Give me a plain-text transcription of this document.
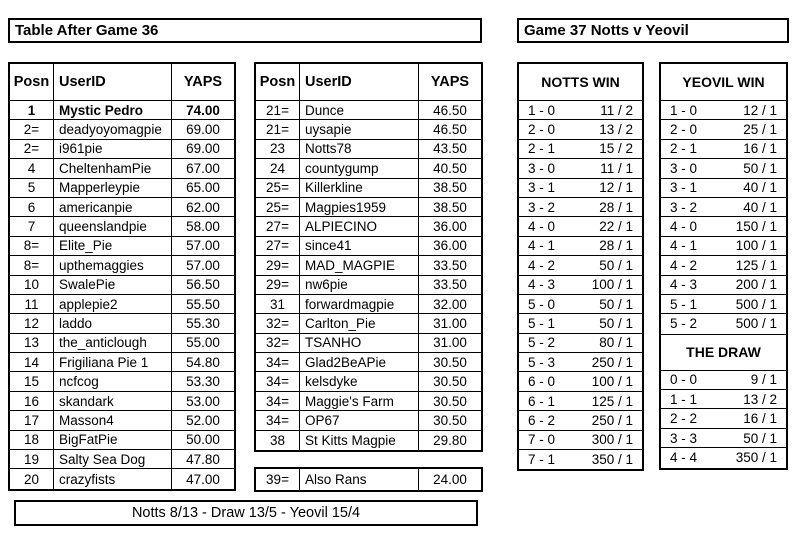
Table After Game 36	Game 37 Notts v Yeovil
Posn UserID	YAPS
1	Mystic Pedro	74.00
2=	deadyoyomagpie	69.00
2=	i961pie	69.00
4	CheltenhamPie	67.00
5	Mapperleypie	65.00
6	americanpie	62.00
7	queenslandpie	58.00
8=	Elite_Pie	57.00
8=	upthemaggies	57.00
10	SwalePie	56.50
11	applepie2	55.50
12	laddo	55.30
13	the_anticlough	55.00
14	Frigiliana Pie 1	54.80
15	ncfcog	53.30
16	skandark	53.00
17	Masson4	52.00
18	BigFatPie	50.00
19	Salty Sea Dog	47.80
20	crazyfists	47.00
Posn UserID	YAPS
21=	Dunce	46.50
21=	uysapie	46.50
23	Notts78	43.50
24	countygump	40.50
25=	Killerkline	38.50
25=	Magpies1959	38.50
27=	ALPIECINO	36.00
27=	since41	36.00
29=	MAD_MAGPIE	33.50
29=	nw6pie	33.50
31	forwardmagpie	32.00
32=	Carlton_Pie	31.00
32=	TSANHO	31.00
34=	Glad2BeAPie	30.50
34=	kelsdyke	30.50
34=	Maggie's Farm	30.50
34=	OP67	30.50
38	St Kitts Magpie	29.80
39=	Also Rans	24.00
NOTTS WIN
1 - 0	11 / 2
2 - 0	13 / 2
2 - 1	15 / 2
3 - 0	11 / 1
3 - 1	12 / 1
3 - 2	28 / 1
4 - 0	22 / 1
4 - 1	28 / 1
4 - 2	50 / 1
4 - 3	100 / 1
5 - 0	50 / 1
5 - 1	50 / 1
5 - 2	80 / 1
5 - 3	250 / 1
6 - 0	100 / 1
6 - 1	125 / 1
6 - 2	250 / 1
7 - 0	300 / 1
7 - 1	350 / 1
YEOVIL WIN
1 - 0	12 / 1
2 - 0	25 / 1
2 - 1	16 / 1
3 - 0	50 / 1
3 - 1	40 / 1
3 - 2	40 / 1
4 - 0	150 / 1
4 - 1	100 / 1
4 - 2	125 / 1
4 - 3	200 / 1
5 - 1	500 / 1
5 - 2	500 / 1
THE DRAW
0 - 0	9 / 1
1 - 1	13 / 2
2 - 2	16 / 1
3 - 3	50 / 1
4 - 4	350 / 1
Notts 8/13 - Draw 13/5 - Yeovil 15/4
